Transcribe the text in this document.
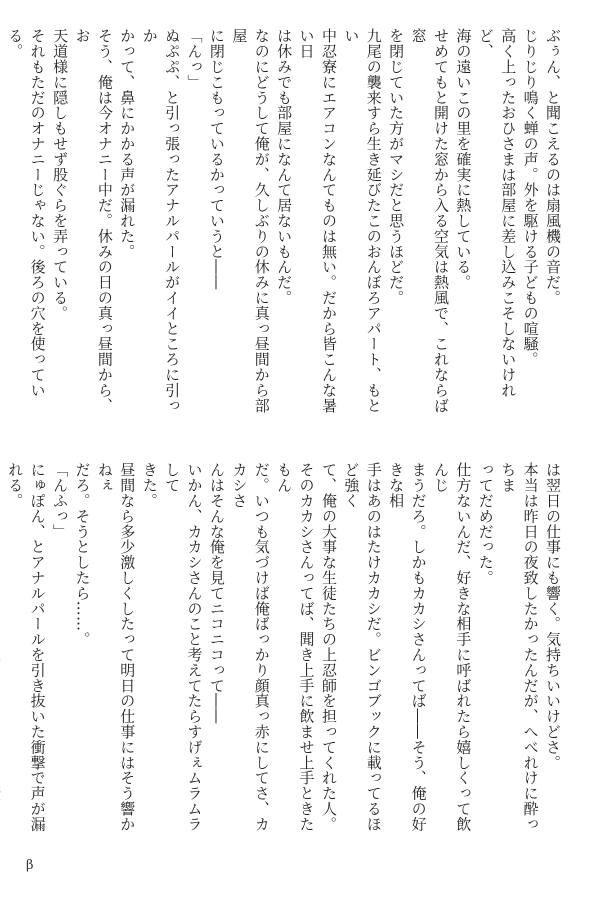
ぶぅん、と聞こえるのは扇風機の音だ。

じりじり鳴く蝉の声。外を駆ける子どもの喧騒。

高く上ったおひさまは部屋に差し込みこそしないけれど、

海の遠いこの里を確実に熱している。

せめてもと開けた窓から入る空気は熱風で、これならば窓

を閉じていた方がマシだと思うほどだ。

九尾の襲来すら生き延びたこのおんぼろアパート、もとい

中忍寮にエアコンなんてものは無い。だから皆こんな暑い日

は休みでも部屋になんて居ないもんだ。

なのにどうして俺が、久しぶりの休みに真っ昼間から部屋

に閉じこもっているかっていうと――

「んっ」

ぬぷぷ、と引っ張ったアナルパールがイイところに引っか

かって、鼻にかかる声が漏れた。

そう、俺は今オナニー中だ。休みの日の真っ昼間から、お

天道様に隠しもせず股ぐらを弄っている。

それもただのオナニーじゃない。後ろの穴を使っている。

は翌日の仕事にも響く。気持ちいいけどさ。

本当は昨日の夜致したかったんだが、へべれけに酔っちま

ってだめだった。

仕方ないんだ、好きな相手に呼ばれたら嬉しくって飲んじ

まうだろ。しかもカカシさんってば――そう、俺の好きな相

手はあのはたけカカシだ。ビンゴブックに載ってるほど強く

て、俺の大事な生徒たちの上忍師を担ってくれた人。

そのカカシさんってば、聞き上手に飲ませ上手ときたもん

だ。いつも気づけば俺ばっかり顔真っ赤にしてさ、カカシさ

んはそんな俺を見てニコニコって――

いかん、カカシさんのこと考えてたらすげぇムラムラして

きた。

昼間なら多少激しくしたって明日の仕事にはそう響かねぇ

だろ。そうとしたら……。

「んふっ」

にゅぽん、とアナルパールを引き抜いた衝撃で声が漏れる。

β
